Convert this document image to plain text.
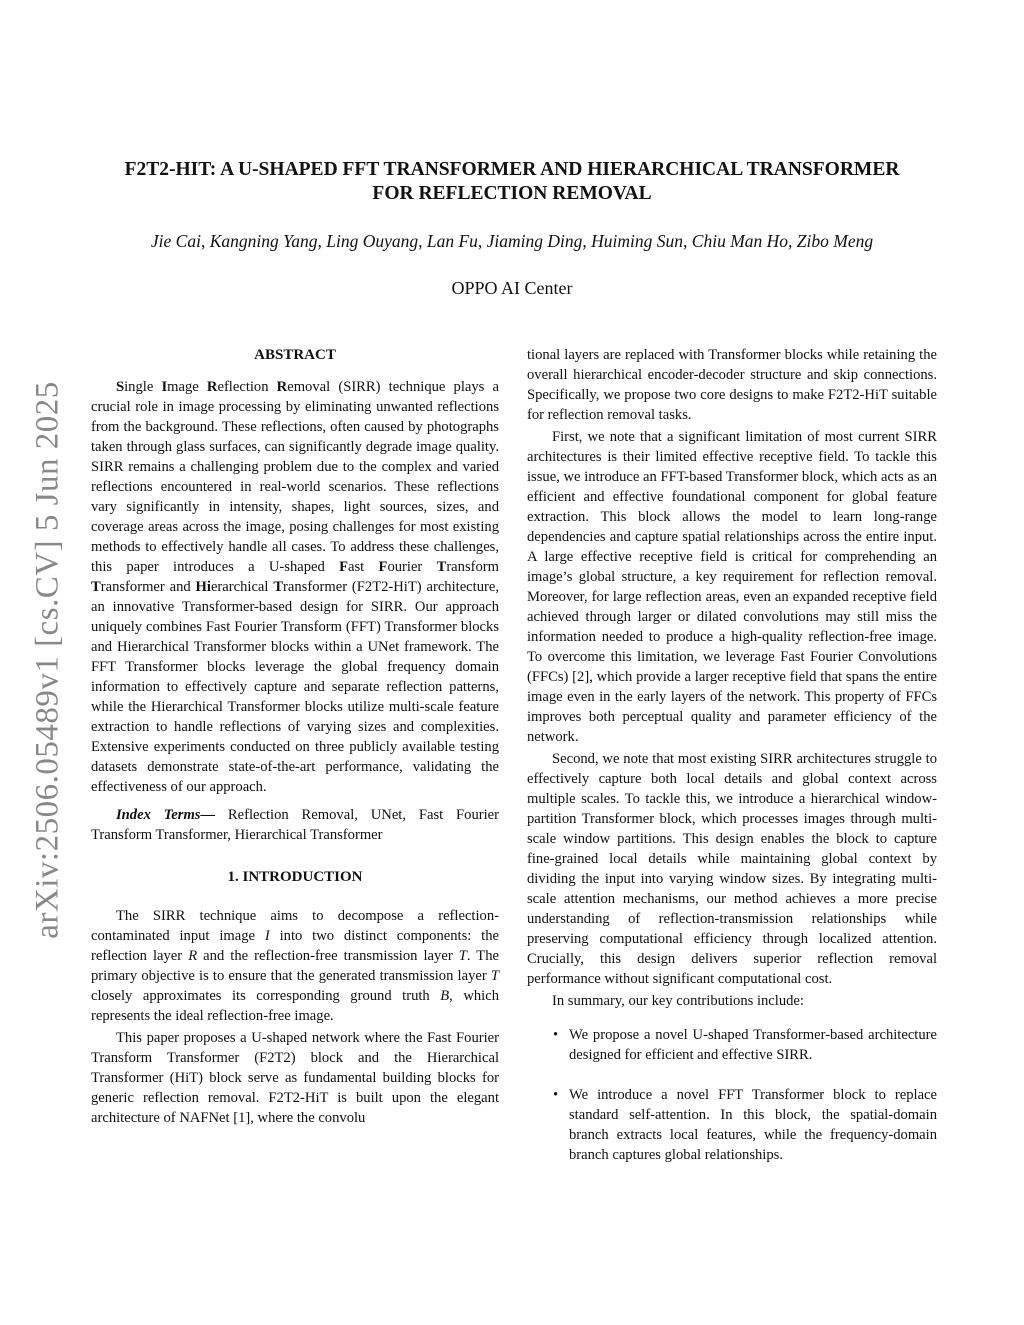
arXiv:2506.05489v1 [cs.CV] 5 Jun 2025
F2T2-HIT: A U-SHAPED FFT TRANSFORMER AND HIERARCHICAL TRANSFORMER
FOR REFLECTION REMOVAL
Jie Cai, Kangning Yang, Ling Ouyang, Lan Fu, Jiaming Ding, Huiming Sun, Chiu Man Ho, Zibo Meng
OPPO AI Center
ABSTRACT

Single Image Reflection Removal (SIRR) technique plays a crucial role in image processing by eliminating unwanted reflections from the background. These reflections, often caused by photographs taken through glass surfaces, can significantly degrade image quality. SIRR remains a challenging problem due to the complex and varied reflections encountered in real-world scenarios. These reflections vary significantly in intensity, shapes, light sources, sizes, and coverage areas across the image, posing challenges for most existing methods to effectively handle all cases. To address these challenges, this paper introduces a U-shaped Fast Fourier Transform Transformer and Hierarchical Transformer (F2T2-HiT) architecture, an innovative Transformer-based design for SIRR. Our approach uniquely combines Fast Fourier Transform (FFT) Transformer blocks and Hierarchical Transformer blocks within a UNet framework. The FFT Transformer blocks leverage the global frequency domain information to effectively capture and separate reflection patterns, while the Hierarchical Transformer blocks utilize multi-scale feature extraction to handle reflections of varying sizes and complexities. Extensive experiments conducted on three publicly available testing datasets demonstrate state-of-the-art performance, validating the effectiveness of our approach.

Index Terms— Reflection Removal, UNet, Fast Fourier Transform Transformer, Hierarchical Transformer

1. INTRODUCTION

The SIRR technique aims to decompose a reflection-contaminated input image I into two distinct components: the reflection layer R and the reflection-free transmission layer T. The primary objective is to ensure that the generated transmission layer T closely approximates its corresponding ground truth B, which represents the ideal reflection-free image.

This paper proposes a U-shaped network where the Fast Fourier Transform Transformer (F2T2) block and the Hierarchical Transformer (HiT) block serve as fundamental building blocks for generic reflection removal. F2T2-HiT is built upon the elegant architecture of NAFNet [1], where the convolu

tional layers are replaced with Transformer blocks while retaining the overall hierarchical encoder-decoder structure and skip connections. Specifically, we propose two core designs to make F2T2-HiT suitable for reflection removal tasks.

First, we note that a significant limitation of most current SIRR architectures is their limited effective receptive field. To tackle this issue, we introduce an FFT-based Transformer block, which acts as an efficient and effective foundational component for global feature extraction. This block allows the model to learn long-range dependencies and capture spatial relationships across the entire input. A large effective receptive field is critical for comprehending an image’s global structure, a key requirement for reflection removal. Moreover, for large reflection areas, even an expanded receptive field achieved through larger or dilated convolutions may still miss the information needed to produce a high-quality reflection-free image. To overcome this limitation, we leverage Fast Fourier Convolutions (FFCs) [2], which provide a larger receptive field that spans the entire image even in the early layers of the network. This property of FFCs improves both perceptual quality and parameter efficiency of the network.

Second, we note that most existing SIRR architectures struggle to effectively capture both local details and global context across multiple scales. To tackle this, we introduce a hierarchical window-partition Transformer block, which processes images through multi-scale window partitions. This design enables the block to capture fine-grained local details while maintaining global context by dividing the input into varying window sizes. By integrating multi-scale attention mechanisms, our method achieves a more precise understanding of reflection-transmission relationships while preserving computational efficiency through localized attention. Crucially, this design delivers superior reflection removal performance without significant computational cost.

In summary, our key contributions include:

• We propose a novel U-shaped Transformer-based architecture designed for efficient and effective SIRR.
• We introduce a novel FFT Transformer block to replace standard self-attention. In this block, the spatial-domain branch extracts local features, while the frequency-domain branch captures global relationships.
